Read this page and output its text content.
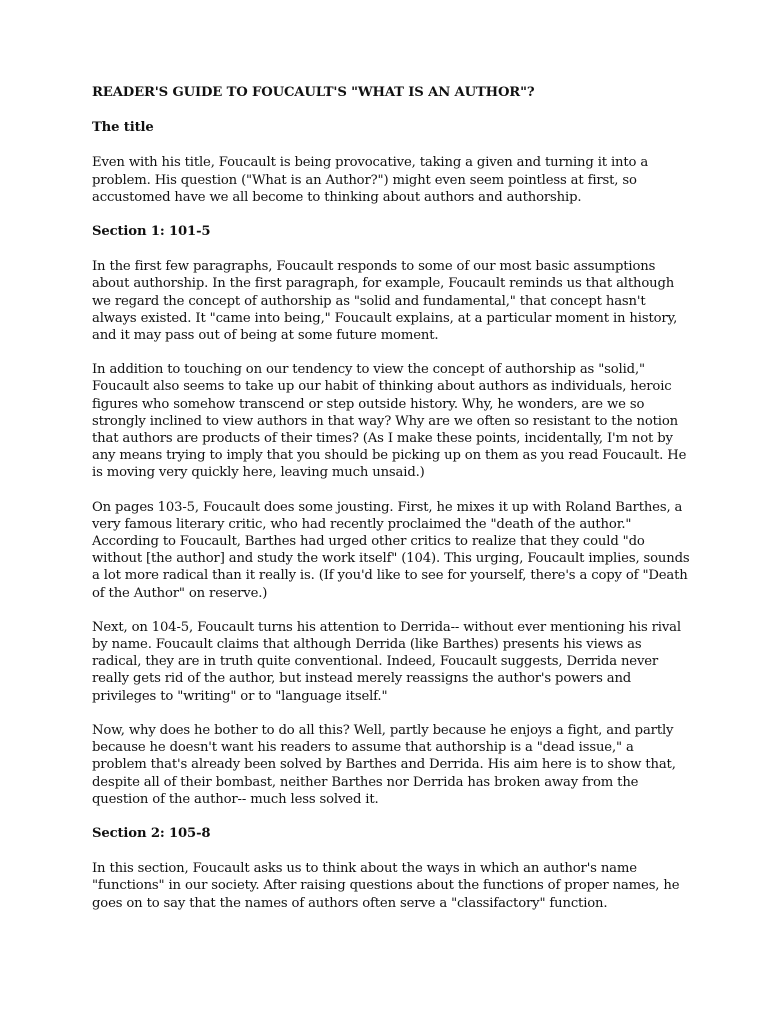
READER'S GUIDE TO FOUCAULT'S "WHAT IS AN AUTHOR"?
The title
Even with his title, Foucault is being provocative, taking a given and turning it into a problem. His question ("What is an Author?") might even seem pointless at first, so accustomed have we all become to thinking about authors and authorship.
Section 1: 101-5
In the first few paragraphs, Foucault responds to some of our most basic assumptions about authorship. In the first paragraph, for example, Foucault reminds us that although we regard the concept of authorship as "solid and fundamental," that concept hasn't always existed. It "came into being," Foucault explains, at a particular moment in history, and it may pass out of being at some future moment.
In addition to touching on our tendency to view the concept of authorship as "solid," Foucault also seems to take up our habit of thinking about authors as individuals, heroic figures who somehow transcend or step outside history. Why, he wonders, are we so strongly inclined to view authors in that way? Why are we often so resistant to the notion that authors are products of their times? (As I make these points, incidentally, I'm not by any means trying to imply that you should be picking up on them as you read Foucault. He is moving very quickly here, leaving much unsaid.)
On pages 103-5, Foucault does some jousting. First, he mixes it up with Roland Barthes, a very famous literary critic, who had recently proclaimed the "death of the author." According to Foucault, Barthes had urged other critics to realize that they could "do without [the author] and study the work itself" (104). This urging, Foucault implies, sounds a lot more radical than it really is. (If you'd like to see for yourself, there's a copy of "Death of the Author" on reserve.)
Next, on 104-5, Foucault turns his attention to Derrida-- without ever mentioning his rival by name. Foucault claims that although Derrida (like Barthes) presents his views as radical, they are in truth quite conventional. Indeed, Foucault suggests, Derrida never really gets rid of the author, but instead merely reassigns the author's powers and privileges to "writing" or to "language itself."
Now, why does he bother to do all this? Well, partly because he enjoys a fight, and partly because he doesn't want his readers to assume that authorship is a "dead issue," a problem that's already been solved by Barthes and Derrida. His aim here is to show that, despite all of their bombast, neither Barthes nor Derrida has broken away from the question of the author-- much less solved it.
Section 2: 105-8
In this section, Foucault asks us to think about the ways in which an author's name "functions" in our society. After raising questions about the functions of proper names, he goes on to say that the names of authors often serve a "classifactory" function.
